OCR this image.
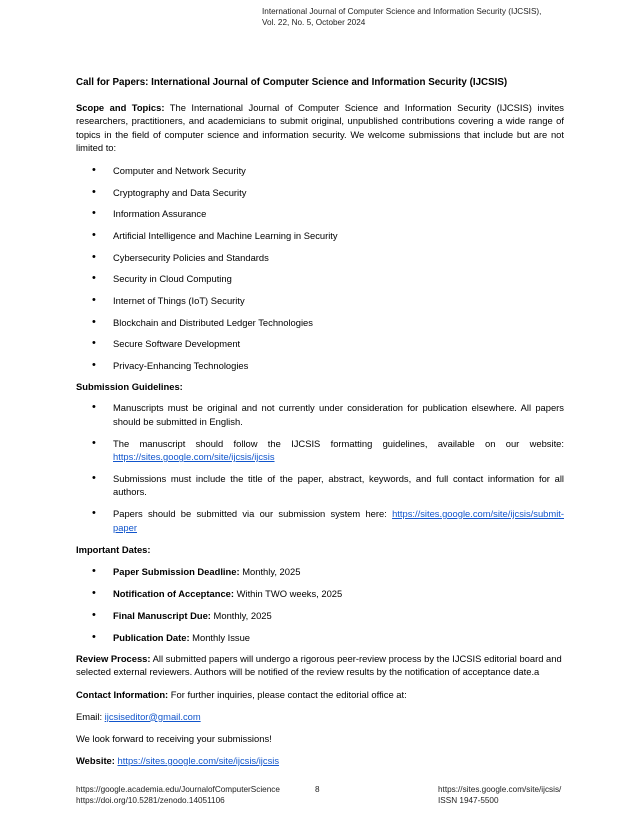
International Journal of Computer Science and Information Security (IJCSIS),
Vol. 22, No. 5, October 2024

Call for Papers: International Journal of Computer Science and Information Security (IJCSIS)

Scope and Topics: The International Journal of Computer Science and Information Security (IJCSIS) invites researchers, practitioners, and academicians to submit original, unpublished contributions covering a wide range of topics in the field of computer science and information security. We welcome submissions that include but are not limited to:

• Computer and Network Security
• Cryptography and Data Security
• Information Assurance
• Artificial Intelligence and Machine Learning in Security
• Cybersecurity Policies and Standards
• Security in Cloud Computing
• Internet of Things (IoT) Security
• Blockchain and Distributed Ledger Technologies
• Secure Software Development
• Privacy-Enhancing Technologies

Submission Guidelines:

• Manuscripts must be original and not currently under consideration for publication elsewhere. All papers should be submitted in English.
• The manuscript should follow the IJCSIS formatting guidelines, available on our website: https://sites.google.com/site/ijcsis/ijcsis
• Submissions must include the title of the paper, abstract, keywords, and full contact information for all authors.
• Papers should be submitted via our submission system here: https://sites.google.com/site/ijcsis/submit-paper

Important Dates:

• Paper Submission Deadline: Monthly, 2025
• Notification of Acceptance: Within TWO weeks, 2025
• Final Manuscript Due: Monthly, 2025
• Publication Date: Monthly Issue

Review Process: All submitted papers will undergo a rigorous peer-review process by the IJCSIS editorial board and selected external reviewers. Authors will be notified of the review results by the notification of acceptance date.a

Contact Information: For further inquiries, please contact the editorial office at:

Email: ijcsiseditor@gmail.com

We look forward to receiving your submissions!

Website: https://sites.google.com/site/ijcsis/ijcsis

https://google.academia.edu/JournalofComputerScience
https://doi.org/10.5281/zenodo.14051106
8	https://sites.google.com/site/ijcsis/
ISSN 1947-5500
